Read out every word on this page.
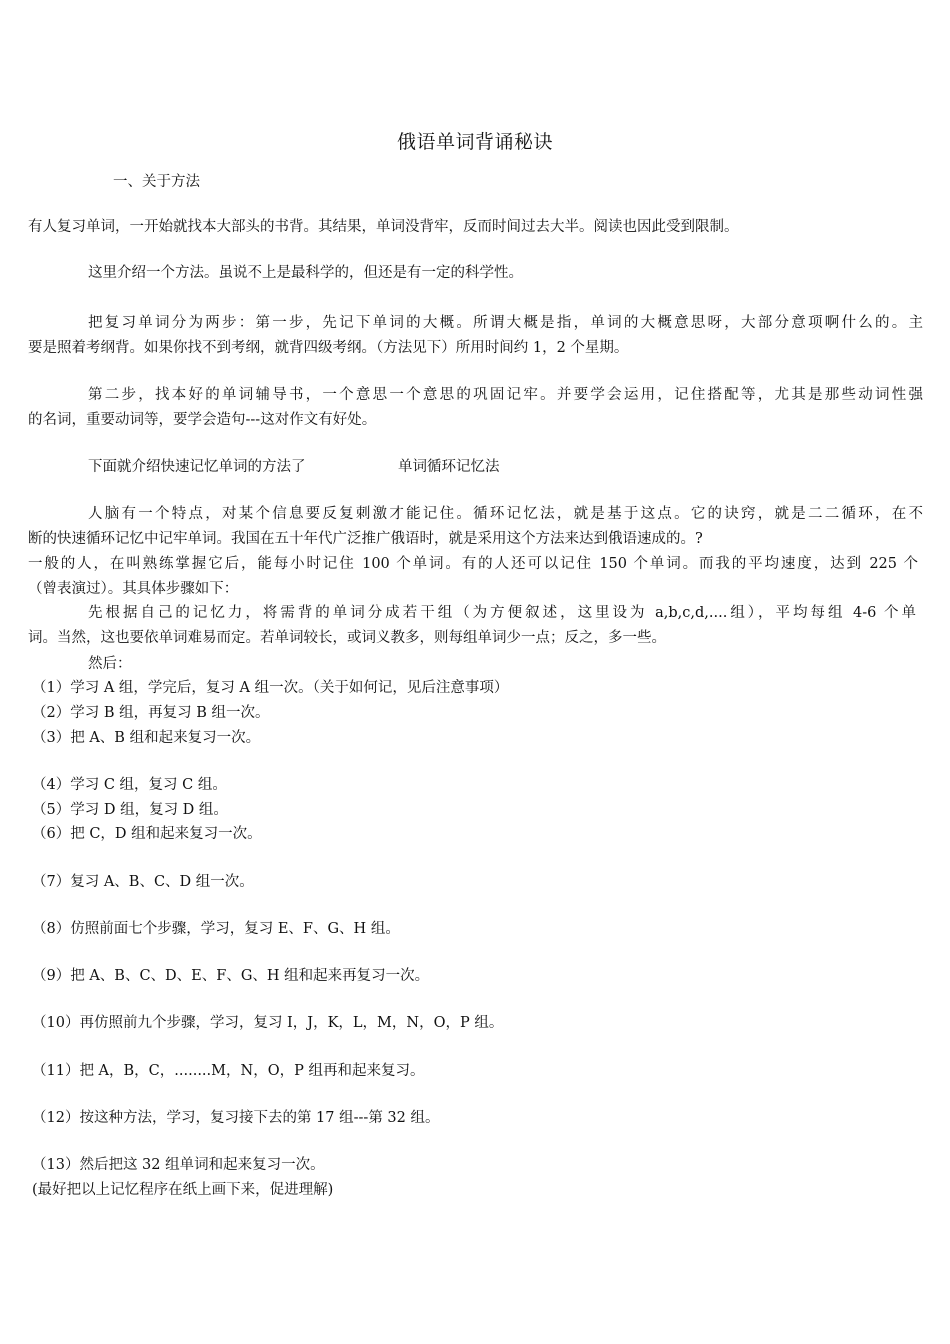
俄语单词背诵秘诀
一、关于方法
有人复习单词，一开始就找本大部头的书背。其结果，单词没背牢，反而时间过去大半。阅读也因此受到限制。
这里介绍一个方法。虽说不上是最科学的，但还是有一定的科学性。
把复习单词分为两步：第一步，先记下单词的大概。所谓大概是指，单词的大概意思呀，大部分意项啊什么的。主
要是照着考纲背。如果你找不到考纲，就背四级考纲。（方法见下）所用时间约 1，2 个星期。
第二步，找本好的单词辅导书，一个意思一个意思的巩固记牢。并要学会运用，记住搭配等，尤其是那些动词性强
的名词，重要动词等，要学会造句---这对作文有好处。
下面就介绍快速记忆单词的方法了	单词循环记忆法
人脑有一个特点，对某个信息要反复刺激才能记住。循环记忆法，就是基于这点。它的诀窍，就是二二循环，在不
断的快速循环记忆中记牢单词。我国在五十年代广泛推广俄语时，就是采用这个方法来达到俄语速成的。?
一般的人，在叫熟练掌握它后，能每小时记住 100 个单词。有的人还可以记住 150 个单词。而我的平均速度，达到 225 个
（曾表演过）。其具体步骤如下：
先根据自己的记忆力，将需背的单词分成若干组（为方便叙述，这里设为 a,b,c,d,....组），平均每组 4-6 个单
词。当然，这也要依单词难易而定。若单词较长，或词义教多，则每组单词少一点；反之，多一些。
然后：
（1）学习 A 组，学完后，复习 A 组一次。（关于如何记，见后注意事项）
（2）学习 B 组，再复习 B 组一次。
（3）把 A、B 组和起来复习一次。
（4）学习 C 组，复习 C 组。
（5）学习 D 组，复习 D 组。
（6）把 C，D 组和起来复习一次。
（7）复习 A、B、C、D 组一次。
（8）仿照前面七个步骤，学习，复习 E、F、G、H 组。
（9）把 A、B、C、D、E、F、G、H 组和起来再复习一次。
（10）再仿照前九个步骤，学习，复习 I，J，K，L，M，N，O，P 组。
（11）把 A，B，C，........M，N，O，P 组再和起来复习。
（12）按这种方法，学习，复习接下去的第 17 组---第 32 组。
（13）然后把这 32 组单词和起来复习一次。
(最好把以上记忆程序在纸上画下来，促进理解)
